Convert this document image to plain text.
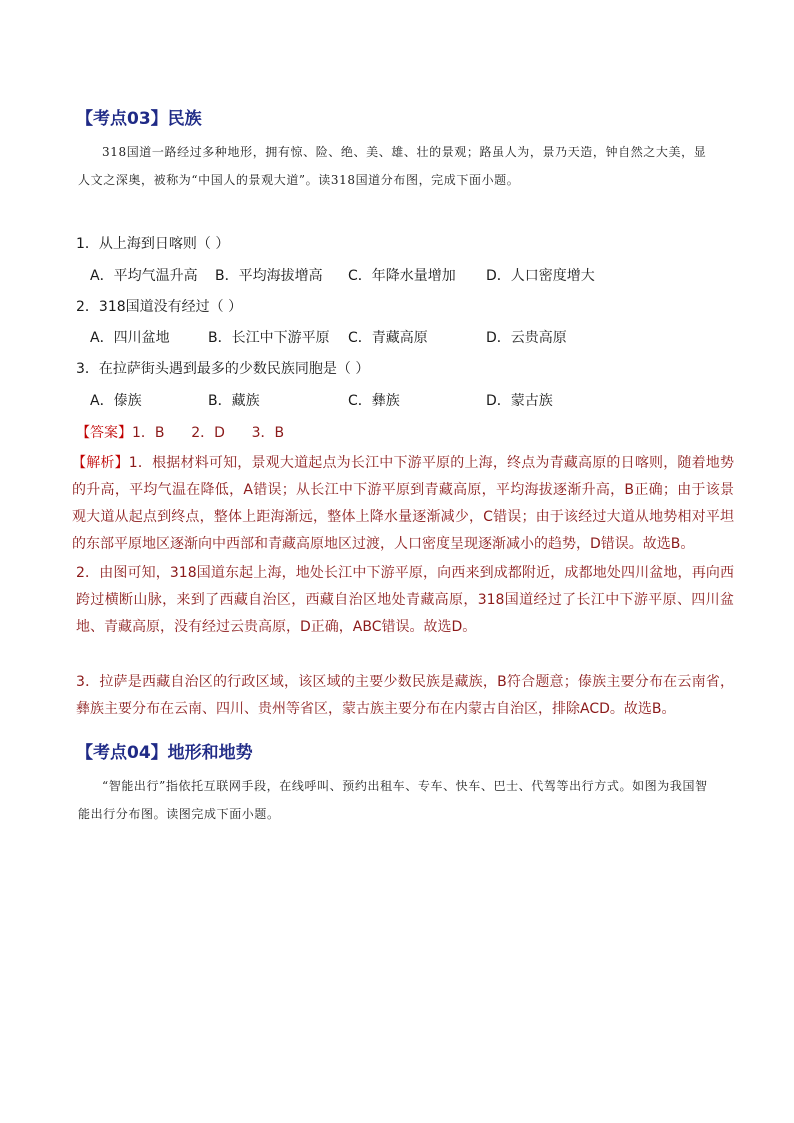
【考点03】民族
318国道一路经过多种地形，拥有惊、险、绝、美、雄、壮的景观；路虽人为，景乃天造，钟自然之大美，显人文之深奥，被称为“中国人的景观大道”。读318国道分布图，完成下面小题。
1．从上海到日喀则（ ）
A．平均气温升高 B．平均海拔增高 C．年降水量增加 D．人口密度增大
2．318国道没有经过（ ）
A．四川盆地	B．长江中下游平原 C．青藏高原	D．云贵高原
3．在拉萨街头遇到最多的少数民族同胞是（ ）
A．傣族	B．藏族	C．彝族	D．蒙古族
【答案】1．B      2．D      3．B
【解析】1．根据材料可知，景观大道起点为长江中下游平原的上海，终点为青藏高原的日喀则，随着地势的升高，平均气温在降低，A错误；从长江中下游平原到青藏高原，平均海拔逐渐升高，B正确；由于该景观大道从起点到终点，整体上距海渐远，整体上降水量逐渐减少，C错误；由于该经过大道从地势相对平坦的东部平原地区逐渐向中西部和青藏高原地区过渡，人口密度呈现逐渐减小的趋势，D错误。故选B。
2．由图可知，318国道东起上海，地处长江中下游平原，向西来到成都附近，成都地处四川盆地，再向西跨过横断山脉，来到了西藏自治区，西藏自治区地处青藏高原，318国道经过了长江中下游平原、四川盆地、青藏高原，没有经过云贵高原，D正确，ABC错误。故选D。
3．拉萨是西藏自治区的行政区域，该区域的主要少数民族是藏族，B符合题意；傣族主要分布在云南省，彝族主要分布在云南、四川、贵州等省区，蒙古族主要分布在内蒙古自治区，排除ACD。故选B。
【考点04】地形和地势
“智能出行”指依托互联网手段，在线呼叫、预约出租车、专车、快车、巴士、代驾等出行方式。如图为我国智能出行分布图。读图完成下面小题。
